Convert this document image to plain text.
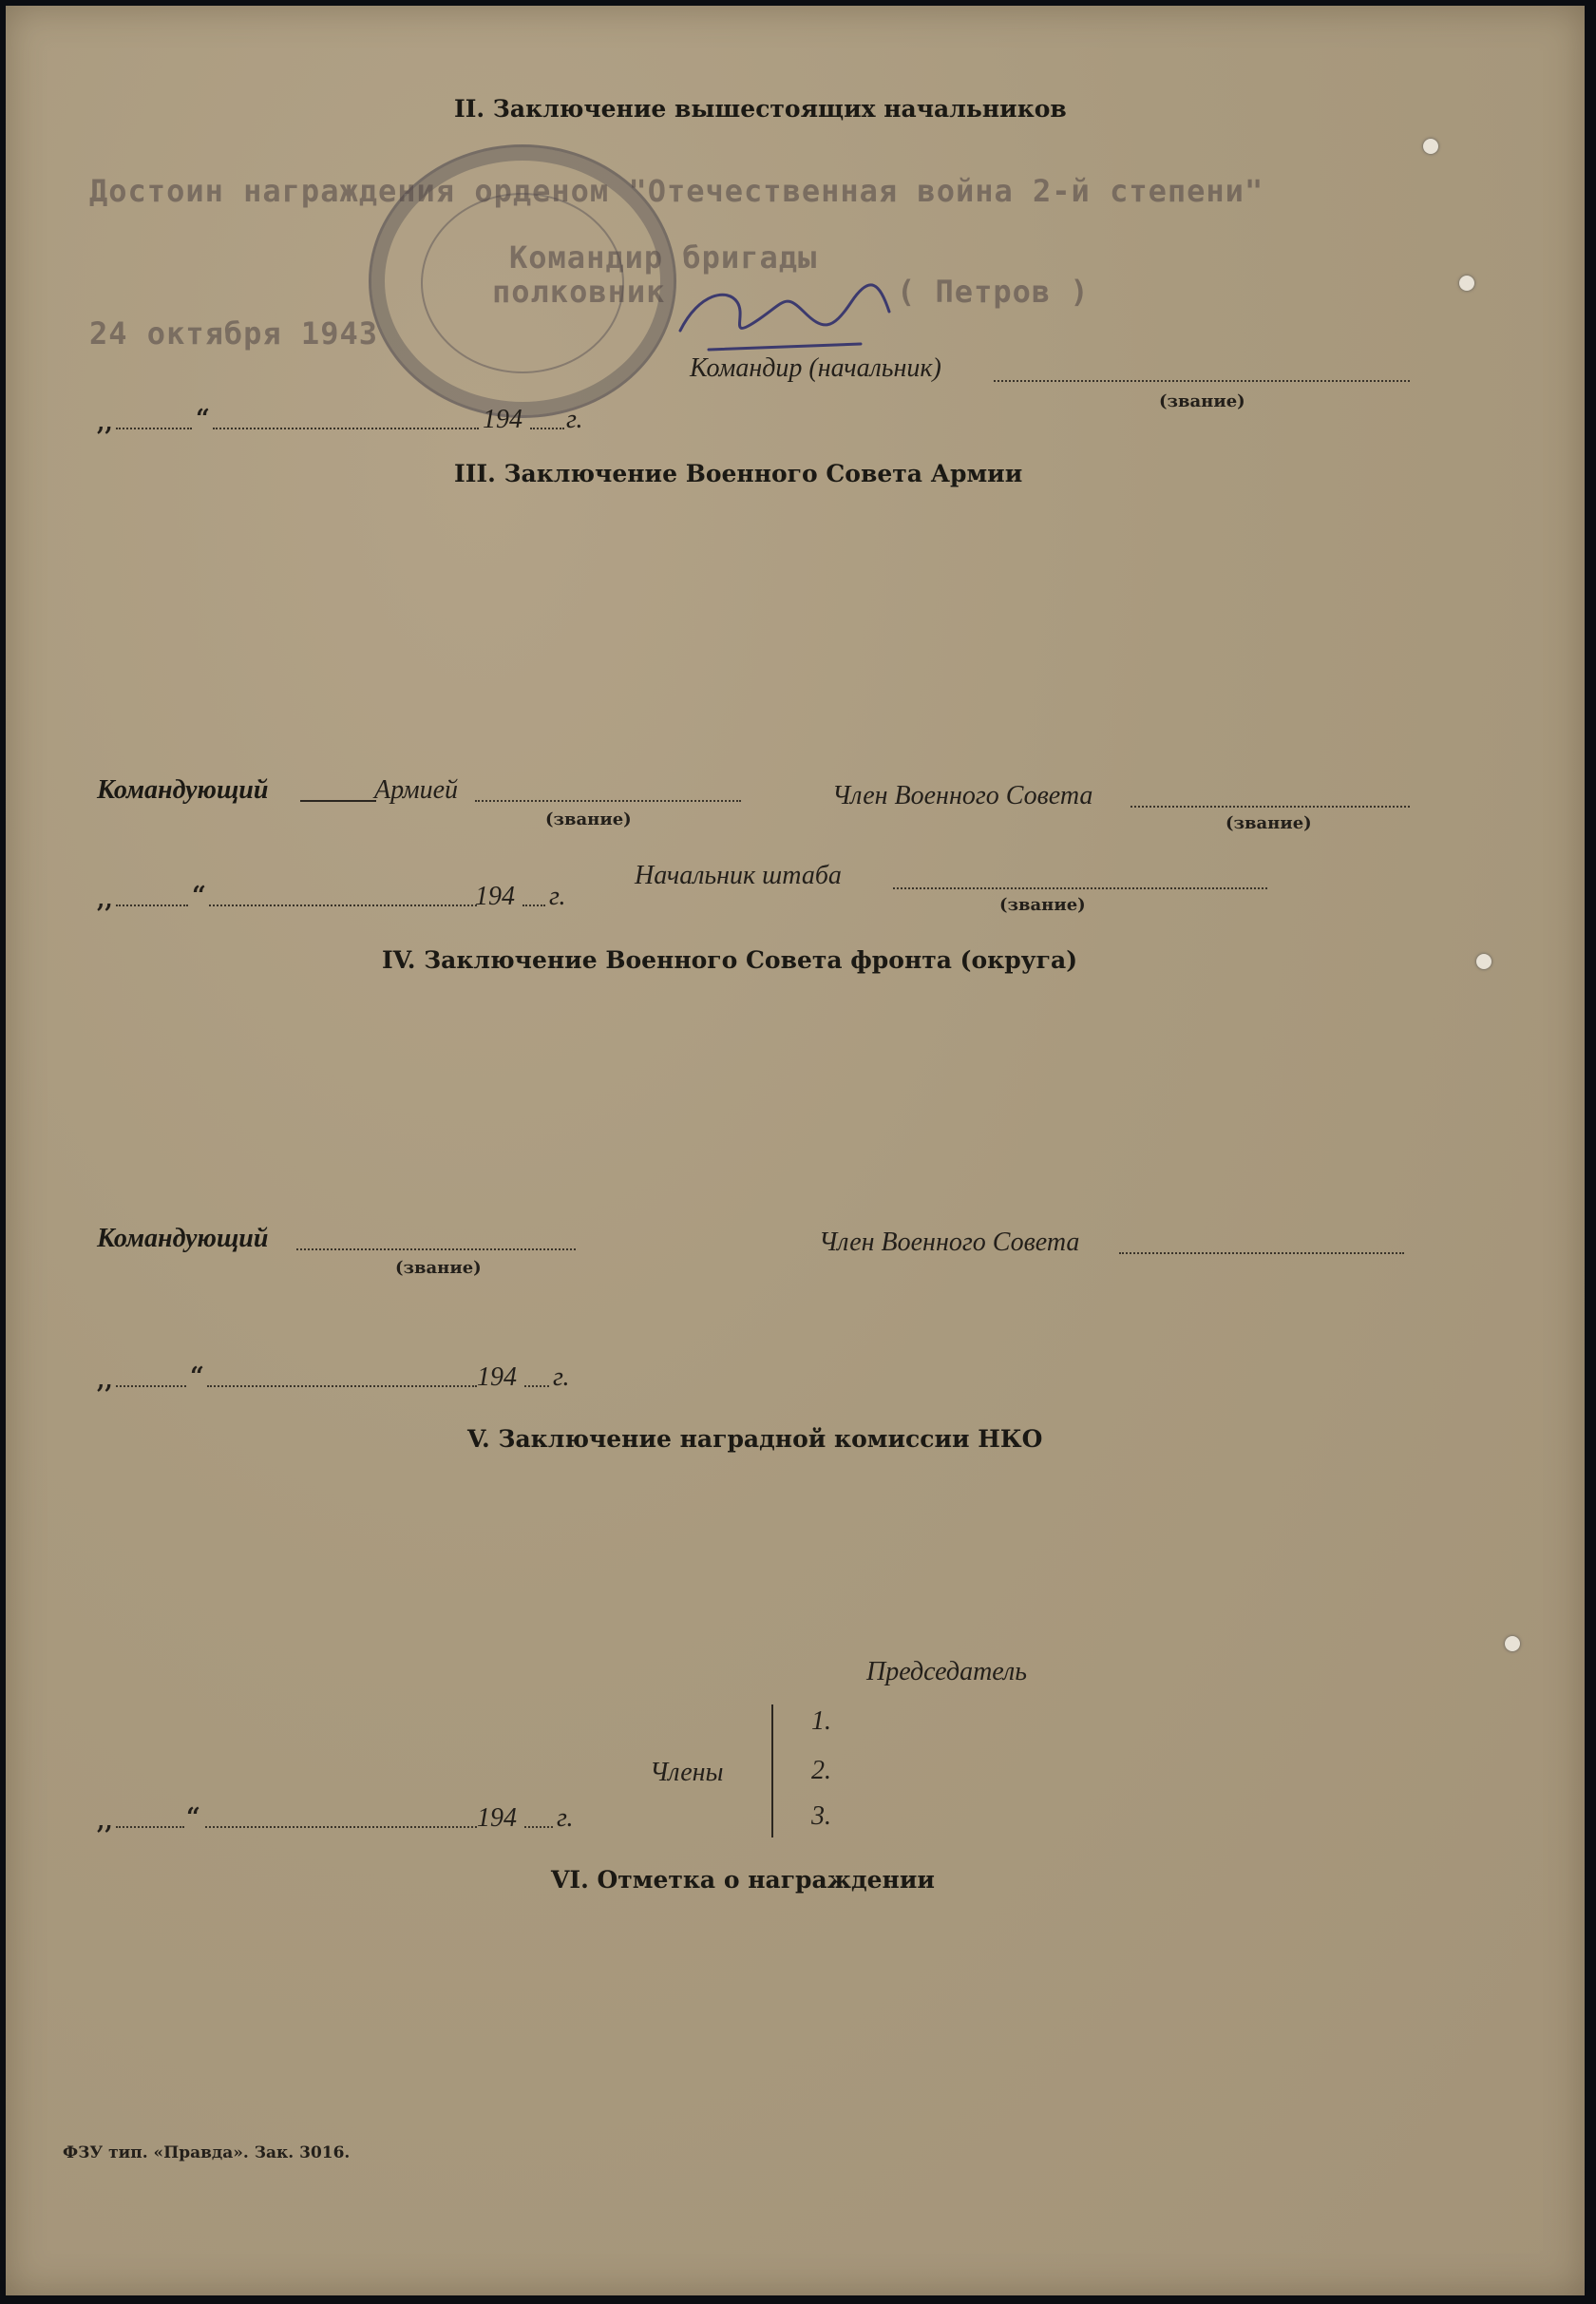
II. Заключение вышестоящих начальников
Достоин награждения орденом "Отечественная война 2-й степени"
Командир бригады
полковник	( Петров )
24 октября 1943
Командир (начальник)
(звание)
,,	“	194 г.
III. Заключение Военного Совета Армии
Командующий	Армией
(звание)
Член Военного Совета
(звание)
Начальник штаба
(звание)
,,	“	194 г.
IV. Заключение Военного Совета фронта (округа)
Командующий
(звание)
Член Военного Совета
,,	“	194 г.
V. Заключение наградной комиссии НКО
Председатель
Члены
1.
2.
3.
,,	“	194 г.
VI. Отметка о награждении
ФЗУ тип. «Правда». Зак. 3016.
